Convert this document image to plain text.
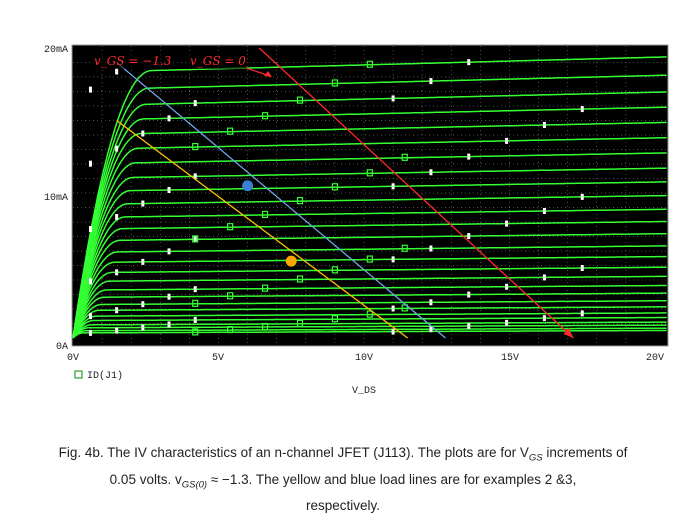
20mA
10mA
0A
0V	5V	10V	15V	20V
ID(J1)
V_DS
v_GS = −1.3 v_GS = 0
Fig. 4b. The IV characteristics of an n-channel JFET (J113). The plots are for $V_{GS}$ increments of
0.05 volts. $v_{GS(0)} \approx -1.3$. The yellow and blue load lines are for examples 2 &3,
respectively.
